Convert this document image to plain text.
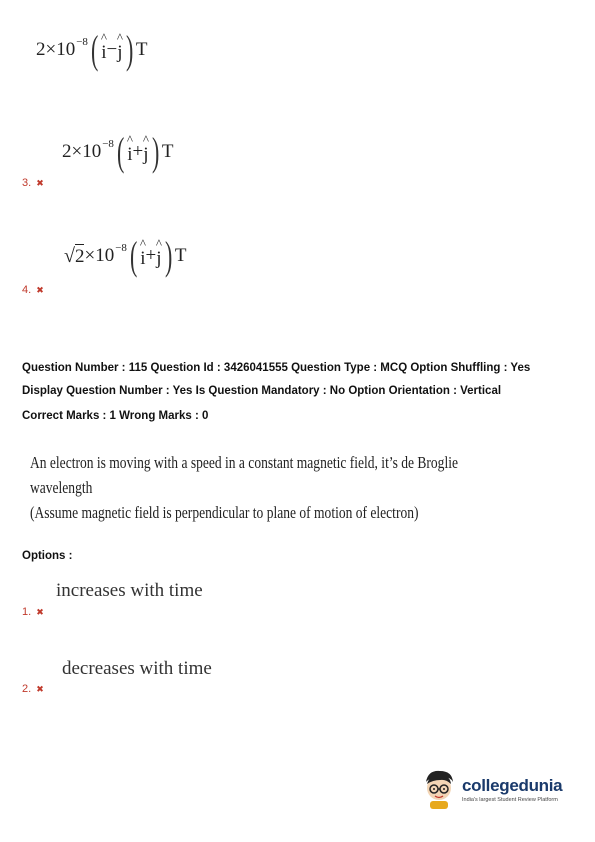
2×10 −8 ( ^
i −
^
j ) T
2×10 −8 ( ^
i +
^
j ) T
3. ✖
√ 2 ×10 −8 ( ^
i +
^
j ) T
4. ✖
Question Number : 115 Question Id : 3426041555 Question Type : MCQ Option Shuffling : Yes
Display Question Number : Yes Is Question Mandatory : No Option Orientation : Vertical
Correct Marks : 1 Wrong Marks : 0
An electron is moving with a speed in a constant magnetic field, it’s de Broglie
wavelength
(Assume magnetic field is perpendicular to plane of motion of electron)
Options :
increases with time
1. ✖
decreases with time
2. ✖
collegedunia
India's largest Student Review Platform
